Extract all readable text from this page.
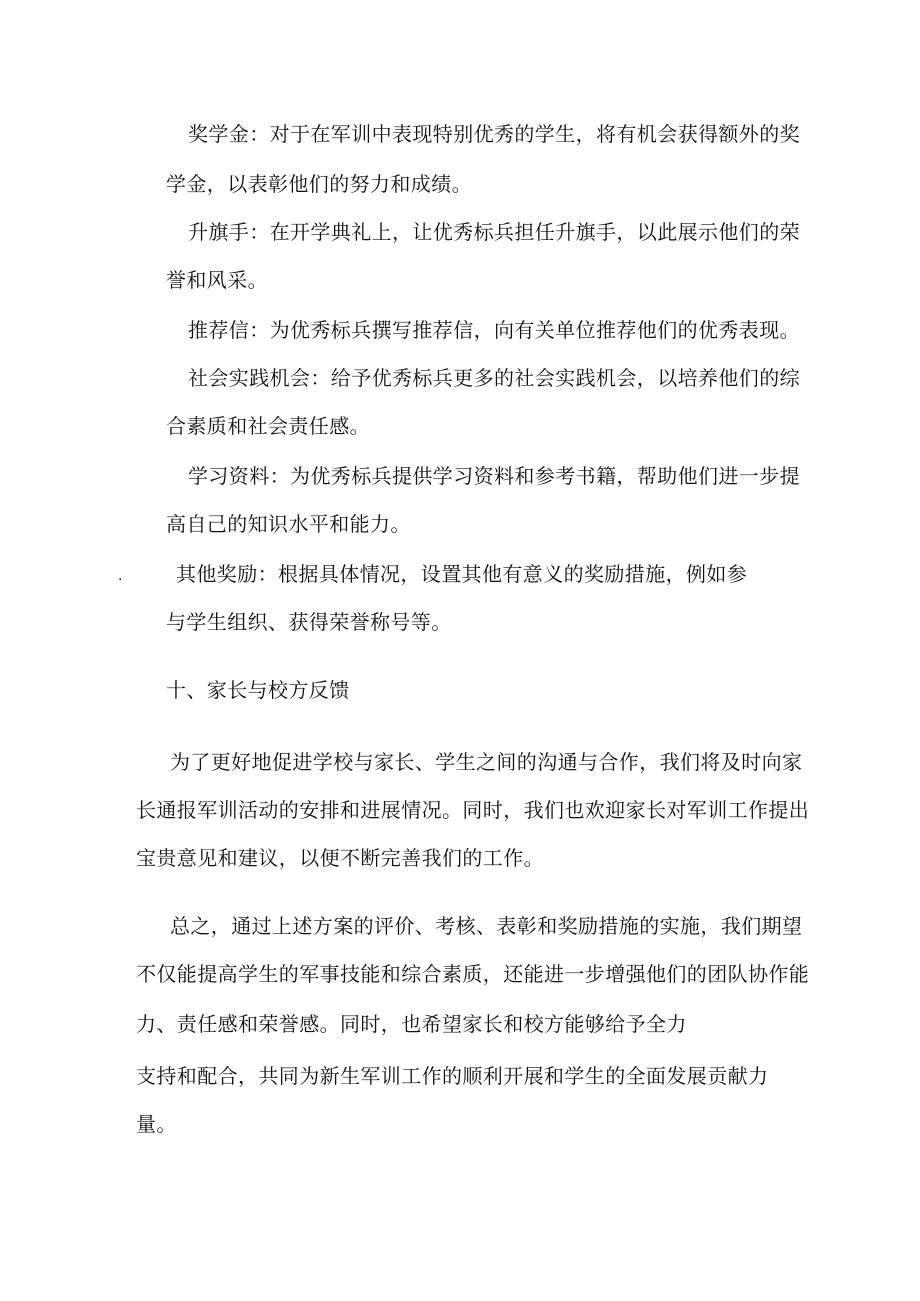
奖学金：对于在军训中表现特别优秀的学生，将有机会获得额外的奖
学金，以表彰他们的努力和成绩。
升旗手：在开学典礼上，让优秀标兵担任升旗手，以此展示他们的荣
誉和风采。
推荐信：为优秀标兵撰写推荐信，向有关单位推荐他们的优秀表现。
社会实践机会：给予优秀标兵更多的社会实践机会，以培养他们的综
合素质和社会责任感。
学习资料：为优秀标兵提供学习资料和参考书籍，帮助他们进一步提
高自己的知识水平和能力。
.	其他奖励：根据具体情况，设置其他有意义的奖励措施，例如参
与学生组织、获得荣誉称号等。
十、家长与校方反馈
为了更好地促进学校与家长、学生之间的沟通与合作，我们将及时向家
长通报军训活动的安排和进展情况。同时，我们也欢迎家长对军训工作提出
宝贵意见和建议，以便不断完善我们的工作。
总之，通过上述方案的评价、考核、表彰和奖励措施的实施，我们期望
不仅能提高学生的军事技能和综合素质，还能进一步增强他们的团队协作能
力、责任感和荣誉感。同时，也希望家长和校方能够给予全力
支持和配合，共同为新生军训工作的顺利开展和学生的全面发展贡献力
量。
